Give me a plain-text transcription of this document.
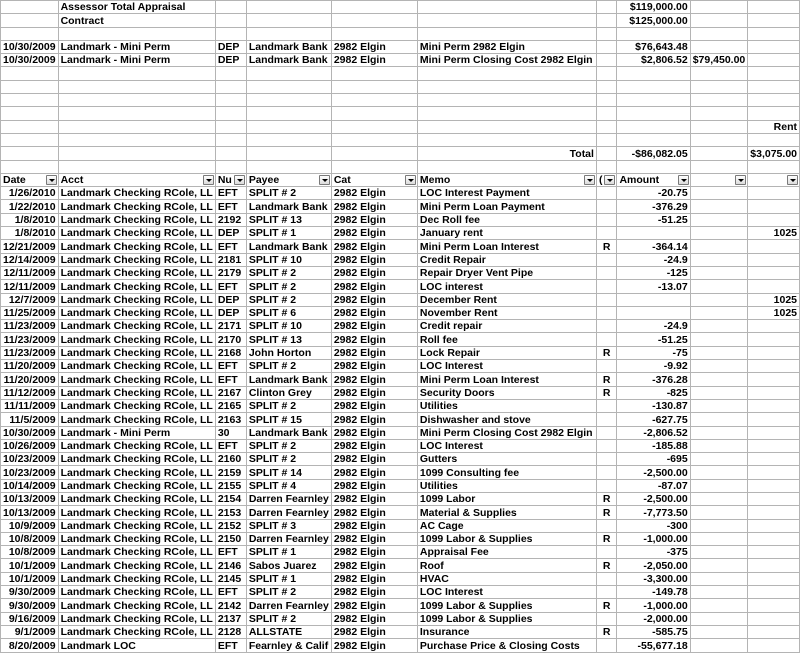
	Assessor Total Appraisal						$119,000.00		
	Contract						$125,000.00		

10/30/2009	Landmark - Mini Perm	DEP	Landmark Bank	2982 Elgin	Mini Perm 2982 Elgin		$76,643.48		
10/30/2009	Landmark - Mini Perm	DEP	Landmark Bank	2982 Elgin	Mini Perm Closing Cost 2982 Elgin		$2,806.52	$79,450.00	

									Rent

					Total		-$86,082.05		$3,075.00

Date	Acct	Nu	Payee	Cat	Memo	(	Amount

1/26/2010	Landmark Checking RCole, LL	EFT	SPLIT # 2	2982 Elgin	LOC Interest Payment		-20.75		
1/22/2010	Landmark Checking RCole, LL	EFT	Landmark Bank	2982 Elgin	Mini Perm Loan Payment		-376.29		
1/8/2010	Landmark Checking RCole, LL	2192	SPLIT # 13	2982 Elgin	Dec Roll fee		-51.25		
1/8/2010	Landmark Checking RCole, LL	DEP	SPLIT # 1	2982 Elgin	January rent				1025
12/21/2009	Landmark Checking RCole, LL	EFT	Landmark Bank	2982 Elgin	Mini Perm Loan Interest	R	-364.14		
12/14/2009	Landmark Checking RCole, LL	2181	SPLIT # 10	2982 Elgin	Credit Repair		-24.9		
12/11/2009	Landmark Checking RCole, LL	2179	SPLIT # 2	2982 Elgin	Repair Dryer Vent Pipe		-125		
12/11/2009	Landmark Checking RCole, LL	EFT	SPLIT # 2	2982 Elgin	LOC interest		-13.07		
12/7/2009	Landmark Checking RCole, LL	DEP	SPLIT # 2	2982 Elgin	December Rent				1025
11/25/2009	Landmark Checking RCole, LL	DEP	SPLIT # 6	2982 Elgin	November Rent				1025
11/23/2009	Landmark Checking RCole, LL	2171	SPLIT # 10	2982 Elgin	Credit repair		-24.9		
11/23/2009	Landmark Checking RCole, LL	2170	SPLIT # 13	2982 Elgin	Roll fee		-51.25		
11/23/2009	Landmark Checking RCole, LL	2168	John Horton	2982 Elgin	Lock Repair	R	-75		
11/20/2009	Landmark Checking RCole, LL	EFT	SPLIT # 2	2982 Elgin	LOC Interest		-9.92		
11/20/2009	Landmark Checking RCole, LL	EFT	Landmark Bank	2982 Elgin	Mini Perm Loan Interest	R	-376.28		
11/12/2009	Landmark Checking RCole, LL	2167	Clinton Grey	2982 Elgin	Security Doors	R	-825		
11/11/2009	Landmark Checking RCole, LL	2165	SPLIT # 2	2982 Elgin	Utilities		-130.87		
11/5/2009	Landmark Checking RCole, LL	2163	SPLIT # 15	2982 Elgin	Dishwasher and stove		-627.75		
10/30/2009	Landmark - Mini Perm	30	Landmark Bank	2982 Elgin	Mini Perm Closing Cost 2982 Elgin		-2,806.52		
10/26/2009	Landmark Checking RCole, LL	EFT	SPLIT # 2	2982 Elgin	LOC Interest		-185.88		
10/23/2009	Landmark Checking RCole, LL	2160	SPLIT # 2	2982 Elgin	Gutters		-695		
10/23/2009	Landmark Checking RCole, LL	2159	SPLIT # 14	2982 Elgin	1099 Consulting fee		-2,500.00		
10/14/2009	Landmark Checking RCole, LL	2155	SPLIT # 4	2982 Elgin	Utilities		-87.07		
10/13/2009	Landmark Checking RCole, LL	2154	Darren Fearnley	2982 Elgin	1099 Labor	R	-2,500.00		
10/13/2009	Landmark Checking RCole, LL	2153	Darren Fearnley	2982 Elgin	Material & Supplies	R	-7,773.50		
10/9/2009	Landmark Checking RCole, LL	2152	SPLIT # 3	2982 Elgin	AC Cage		-300		
10/8/2009	Landmark Checking RCole, LL	2150	Darren Fearnley	2982 Elgin	1099 Labor & Supplies	R	-1,000.00		
10/8/2009	Landmark Checking RCole, LL	EFT	SPLIT # 1	2982 Elgin	Appraisal Fee		-375		
10/1/2009	Landmark Checking RCole, LL	2146	Sabos Juarez	2982 Elgin	Roof	R	-2,050.00		
10/1/2009	Landmark Checking RCole, LL	2145	SPLIT # 1	2982 Elgin	HVAC		-3,300.00		
9/30/2009	Landmark Checking RCole, LL	EFT	SPLIT # 2	2982 Elgin	LOC Interest		-149.78		
9/30/2009	Landmark Checking RCole, LL	2142	Darren Fearnley	2982 Elgin	1099 Labor & Supplies	R	-1,000.00		
9/16/2009	Landmark Checking RCole, LL	2137	SPLIT # 2	2982 Elgin	1099 Labor & Supplies		-2,000.00		
9/1/2009	Landmark Checking RCole, LL	2128	ALLSTATE	2982 Elgin	Insurance	R	-585.75		
8/20/2009	Landmark LOC	EFT	Fearnley & Calif	2982 Elgin	Purchase Price & Closing Costs		-55,677.18		
